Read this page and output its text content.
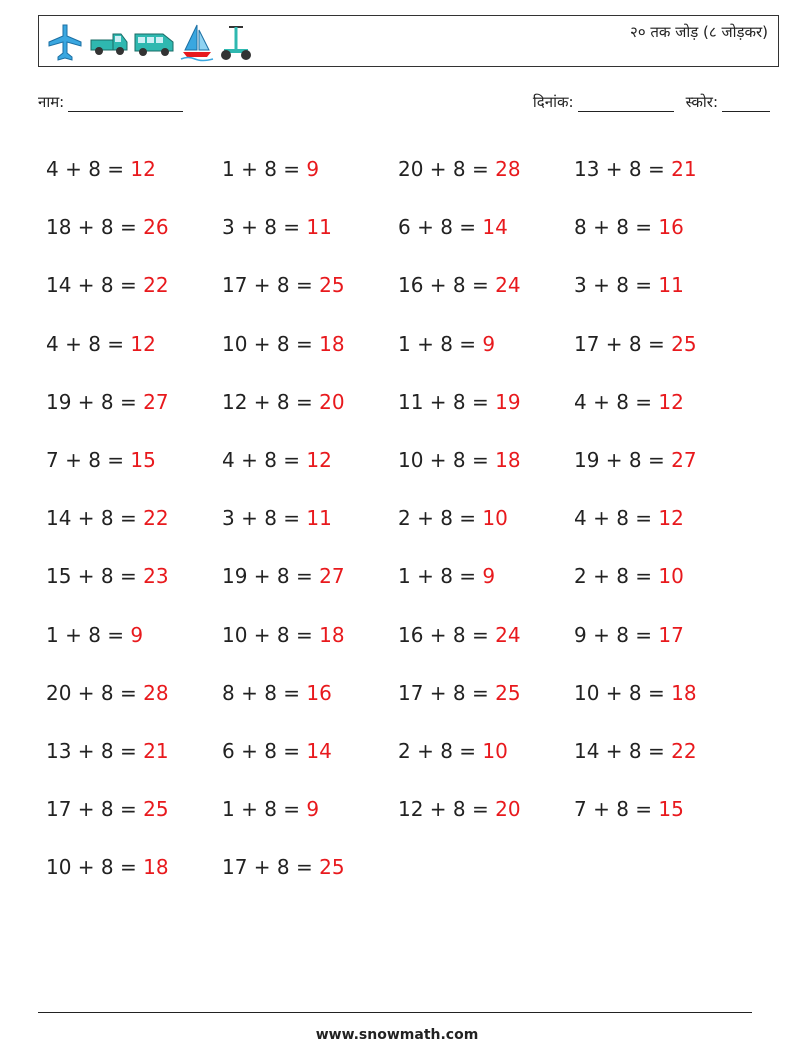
२० तक जोड़ (८ जोड़कर)
नाम:	दिनांक:	स्कोर:
4 + 8 = 12	1 + 8 = 9	20 + 8 = 28	13 + 8 = 21
18 + 8 = 26	3 + 8 = 11	6 + 8 = 14	8 + 8 = 16
14 + 8 = 22	17 + 8 = 25	16 + 8 = 24	3 + 8 = 11
4 + 8 = 12	10 + 8 = 18	1 + 8 = 9	17 + 8 = 25
19 + 8 = 27	12 + 8 = 20	11 + 8 = 19	4 + 8 = 12
7 + 8 = 15	4 + 8 = 12	10 + 8 = 18	19 + 8 = 27
14 + 8 = 22	3 + 8 = 11	2 + 8 = 10	4 + 8 = 12
15 + 8 = 23	19 + 8 = 27	1 + 8 = 9	2 + 8 = 10
1 + 8 = 9	10 + 8 = 18	16 + 8 = 24	9 + 8 = 17
20 + 8 = 28	8 + 8 = 16	17 + 8 = 25	10 + 8 = 18
13 + 8 = 21	6 + 8 = 14	2 + 8 = 10	14 + 8 = 22
17 + 8 = 25	1 + 8 = 9	12 + 8 = 20	7 + 8 = 15
10 + 8 = 18	17 + 8 = 25
www.snowmath.com
